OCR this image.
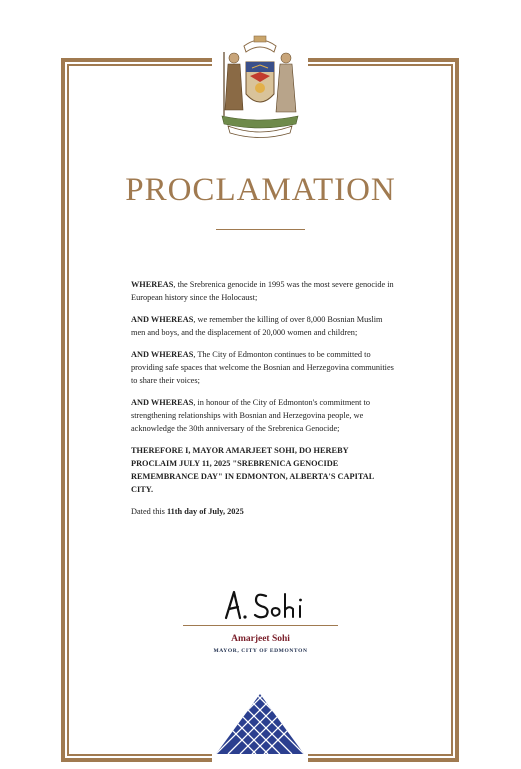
PROCLAMATION

WHEREAS, the Srebrenica genocide in 1995 was the most severe genocide in European history since the Holocaust;

AND WHEREAS, we remember the killing of over 8,000 Bosnian Muslim men and boys, and the displacement of 20,000 women and children;

AND WHEREAS, The City of Edmonton continues to be committed to providing safe spaces that welcome the Bosnian and Herzegovina communities to share their voices;

AND WHEREAS, in honour of the City of Edmonton's commitment to strengthening relationships with Bosnian and Herzegovina people, we acknowledge the 30th anniversary of the Srebrenica Genocide;

THEREFORE I, MAYOR AMARJEET SOHI, DO HEREBY PROCLAIM JULY 11, 2025 "SREBRENICA GENOCIDE REMEMBRANCE DAY" IN EDMONTON, ALBERTA'S CAPITAL CITY.

Dated this 11th day of July, 2025

Amarjeet Sohi
MAYOR, CITY OF EDMONTON
